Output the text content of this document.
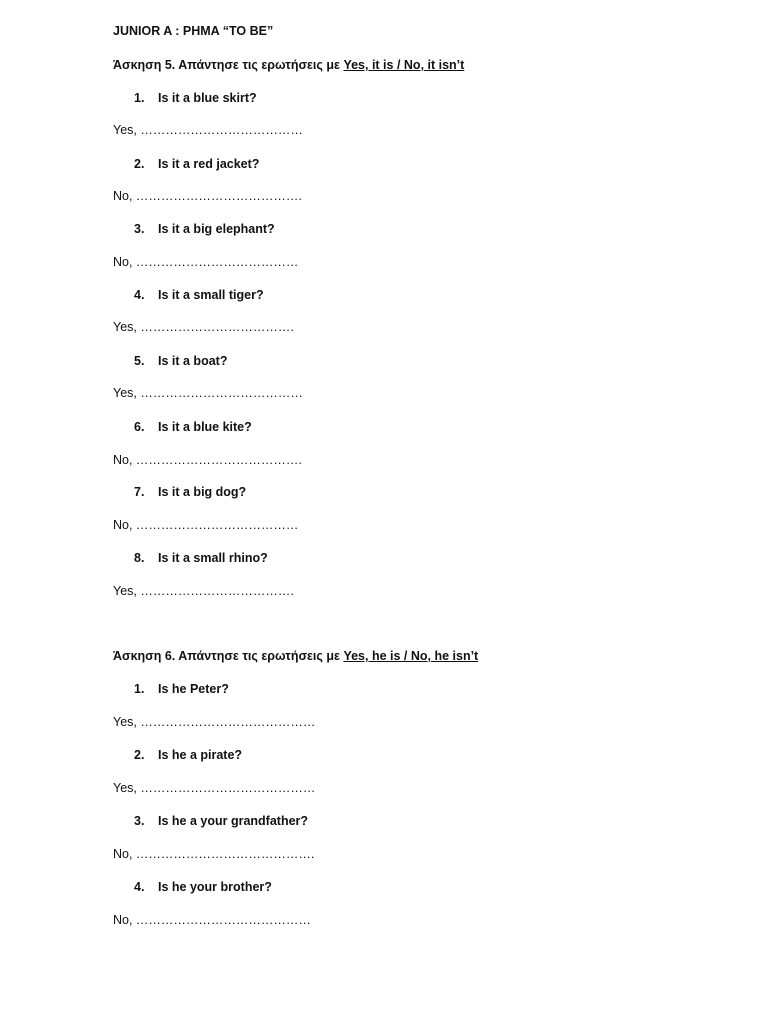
JUNIOR A : PHMA “TO BE”
Άσκηση 5. Απάντησε τις ερωτήσεις με Yes, it is / No, it isn’t
1. Is it a blue skirt?
Yes, …………………………………
2. Is it a red jacket?
No, ………………………………….
3. Is it a big elephant?
No, …………………………………
4. Is it a small tiger?
Yes, ……………………………….
5. Is it a boat?
Yes, …………………………………
6. Is it a blue kite?
No, ………………………………….
7. Is it a big dog?
No, …………………………………
8. Is it a small rhino?
Yes, ……………………………….
Άσκηση 6. Απάντησε τις ερωτήσεις με Yes, he is / No, he isn’t
1. Is he Peter?
Yes, ……………………………………
2. Is he a pirate?
Yes, ……………………………………
3. Is he a your grandfather?
No, …………………………………….
4. Is he your brother?
No, ……………………………………
